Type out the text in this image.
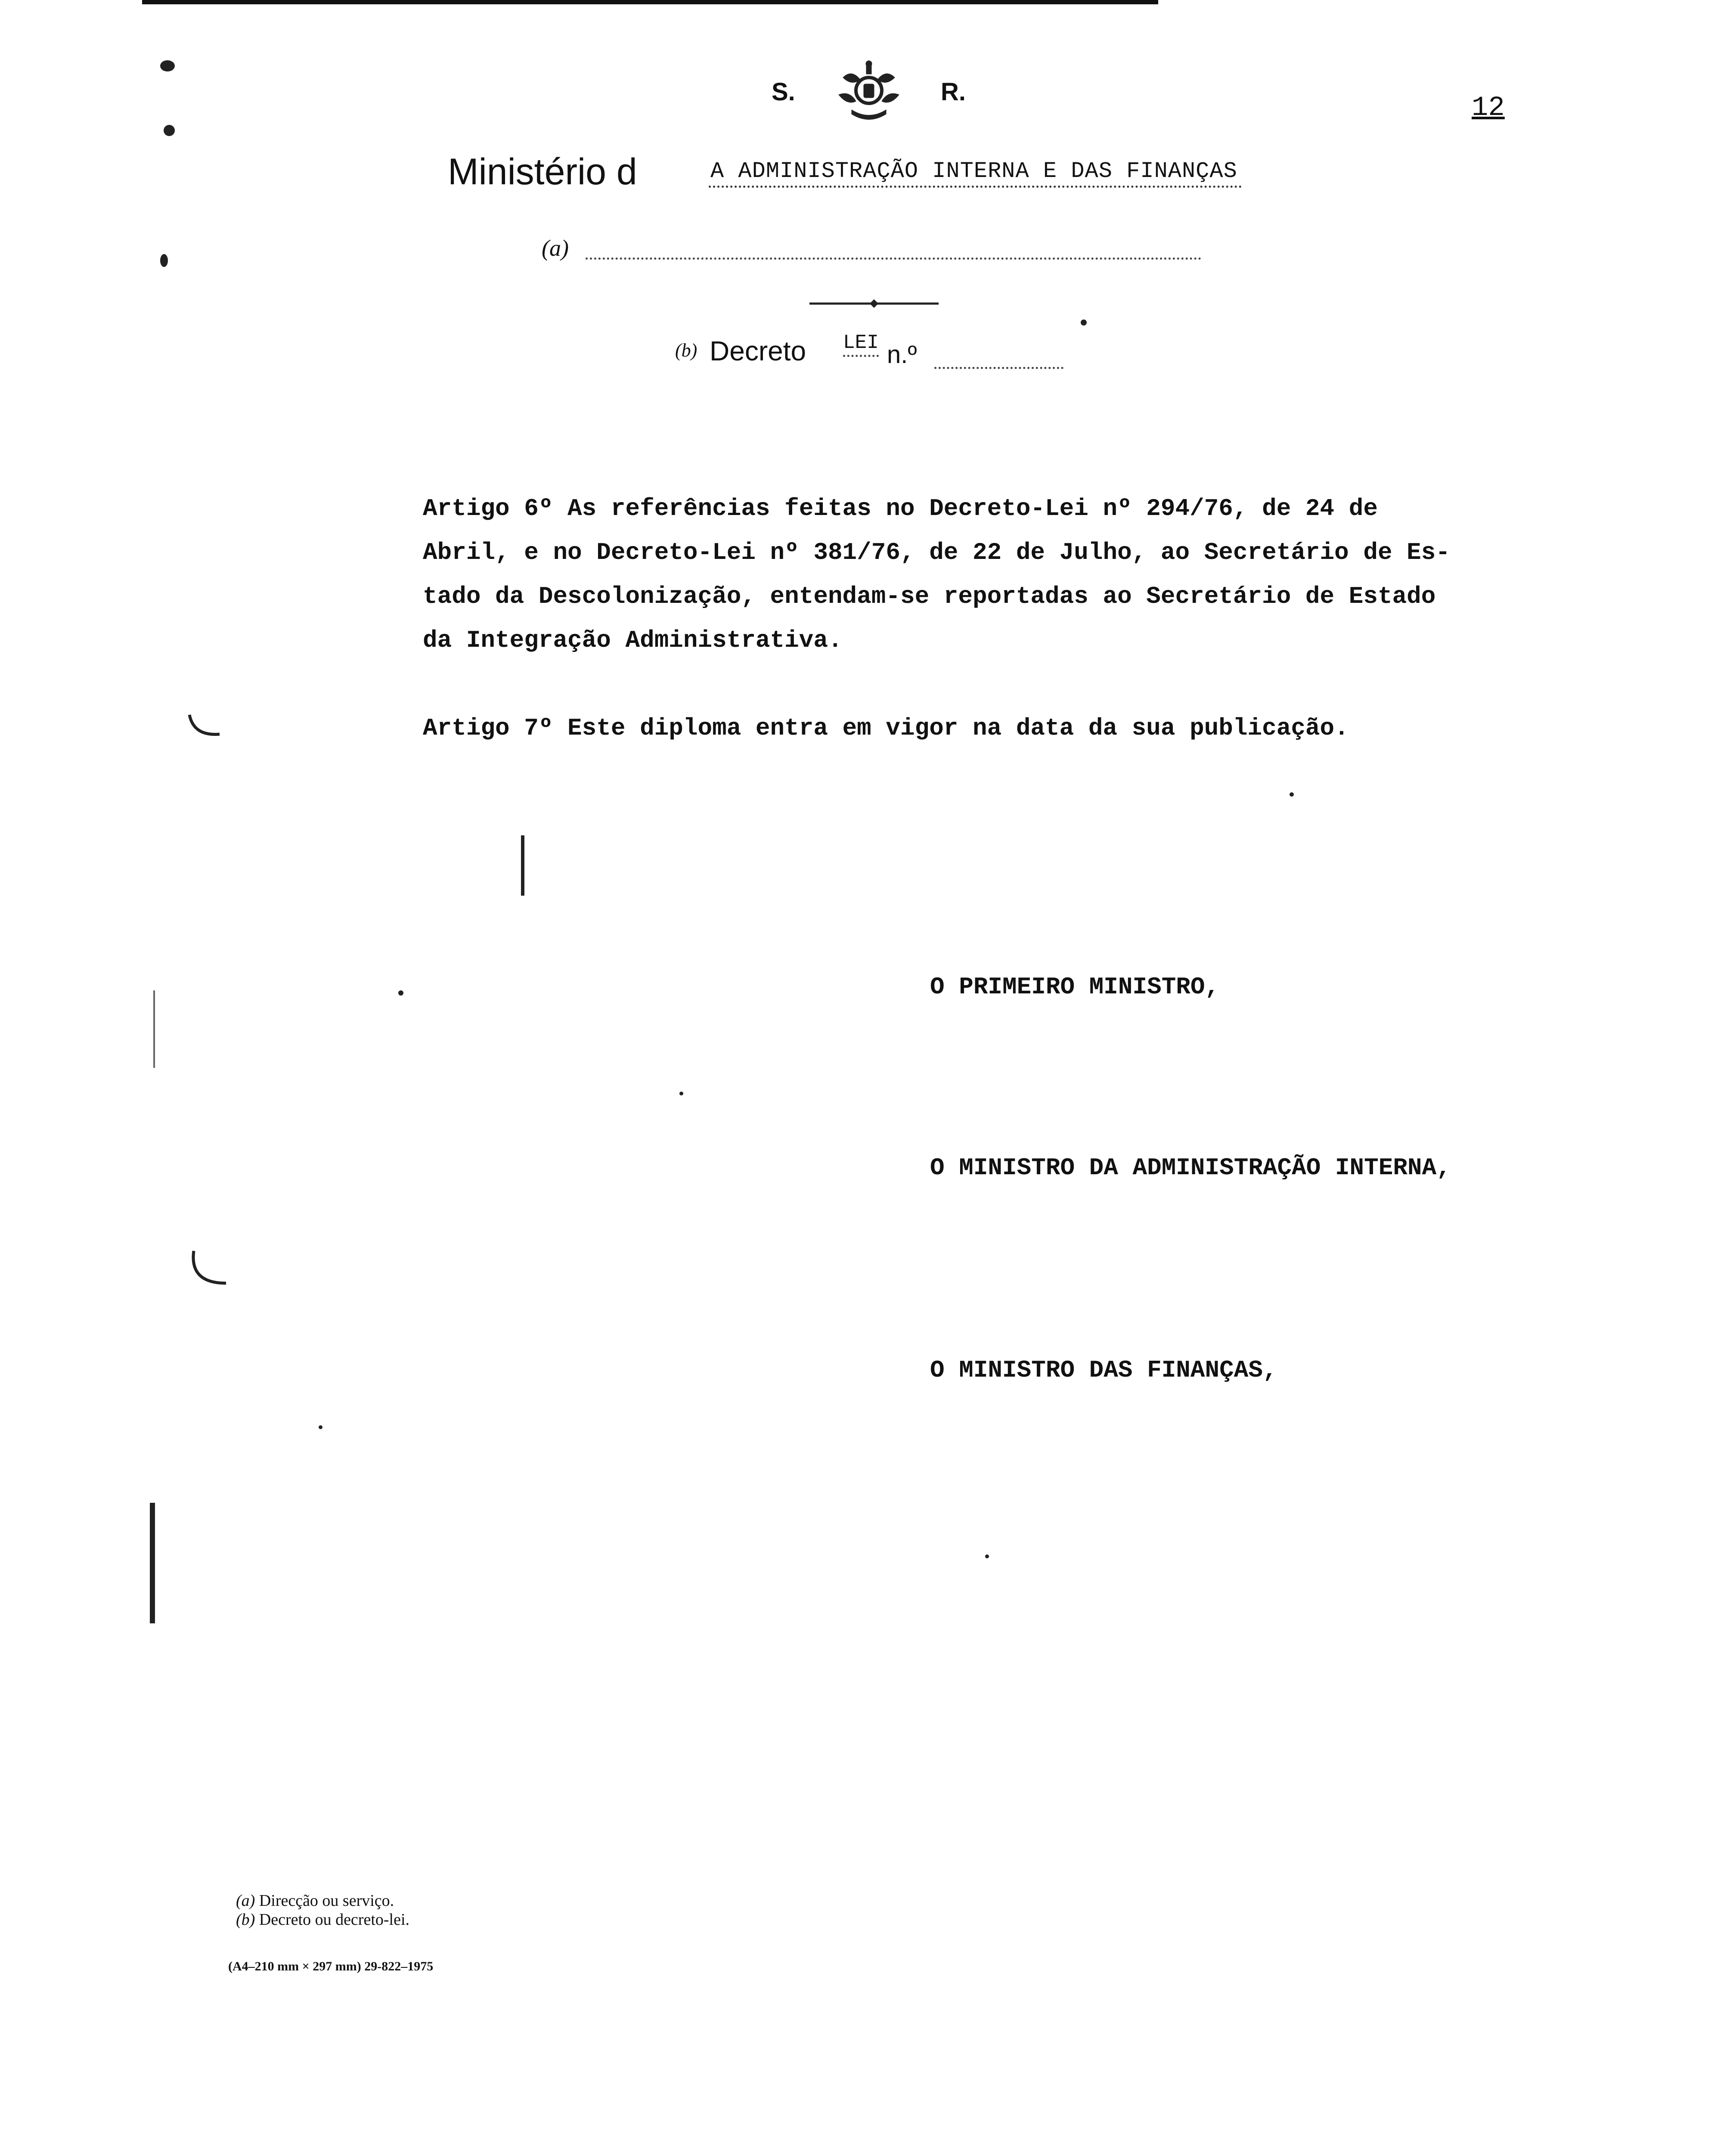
S.	R.
12
Ministério d	A ADMINISTRAÇÃO INTERNA E DAS FINANÇAS
(a)
(b) Decreto LEI n.º

Artigo 6º As referências feitas no Decreto-Lei nº 294/76, de 24 de

Abril, e no Decreto-Lei nº 381/76, de 22 de Julho, ao Secretário de Es-

tado da Descolonização, entendam-se reportadas ao Secretário de Estado

da Integração Administrativa.

Artigo 7º Este diploma entra em vigor na data da sua publicação.

O PRIMEIRO MINISTRO,
O MINISTRO DA ADMINISTRAÇÃO INTERNA,
O MINISTRO DAS FINANÇAS,
(a) Direcção ou serviço.
(b) Decreto ou decreto-lei.
(A4–210 mm × 297 mm) 29-822–1975
